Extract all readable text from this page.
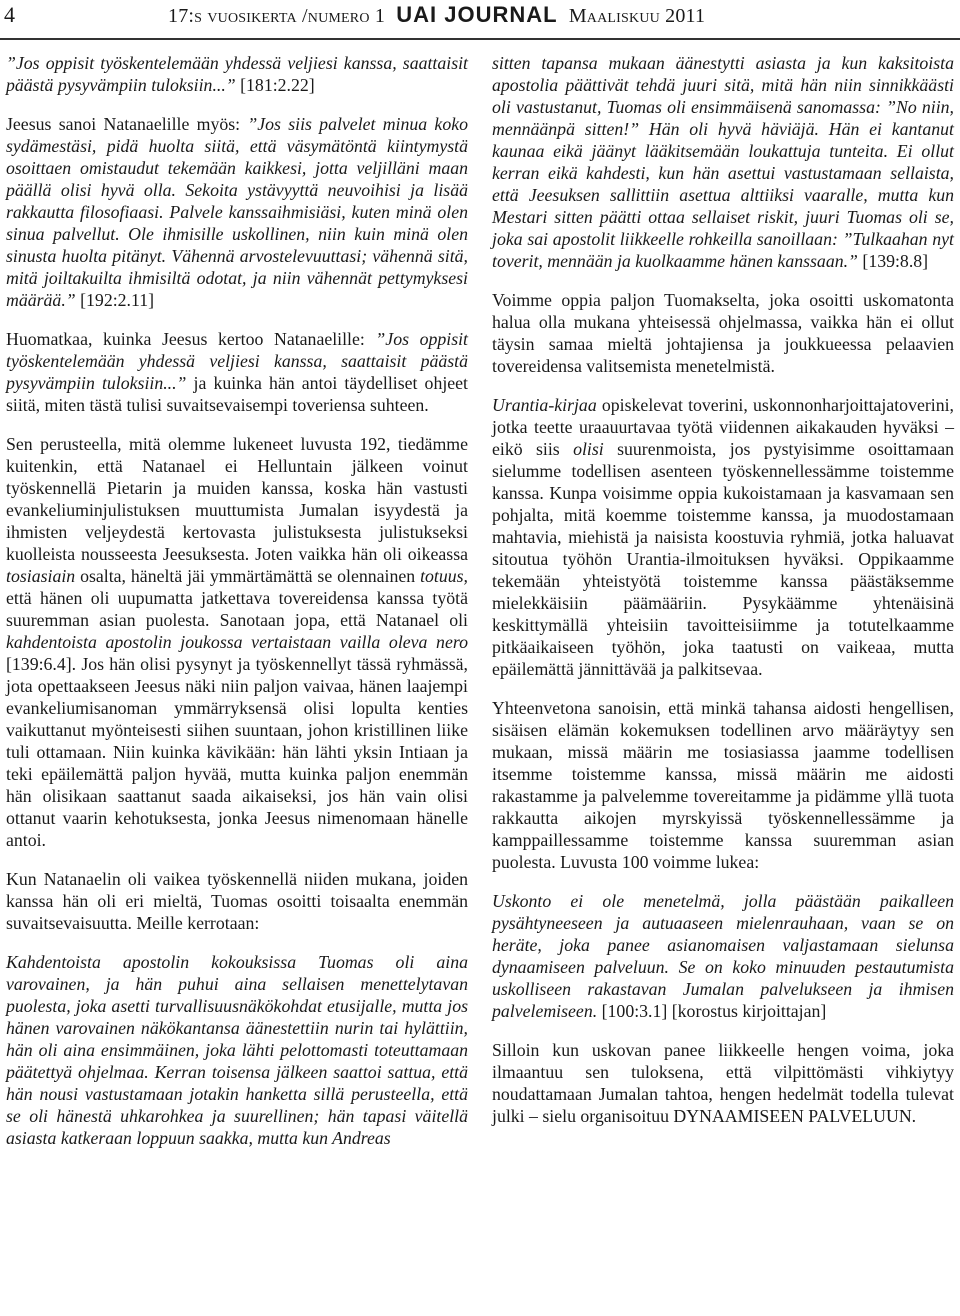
4	17:s vuosikerta /numero 1 UAI JOURNAL Maaliskuu 2011

”Jos oppisit työskentelemään yhdessä veljiesi kanssa, saattaisit päästä pysyvämpiin tuloksiin...” [181:2.22]

Jeesus sanoi Natanaelille myös: ”Jos siis palvelet minua koko sydämestäsi, pidä huolta siitä, että väsymätöntä kiintymystä osoittaen omistaudut tekemään kaikkesi, jotta veljilläni maan päällä olisi hyvä olla. Sekoita ystävyyttä neuvoihisi ja lisää rakkautta filosofiaasi. Palvele kanssaihmisiäsi, kuten minä olen sinua palvellut. Ole ihmisille uskollinen, niin kuin minä olen sinusta huolta pitänyt. Vähennä arvostelevuuttasi; vähennä sitä, mitä joiltakuilta ihmisiltä odotat, ja niin vähennät pettymyksesi määrää.” [192:2.11]

Huomatkaa, kuinka Jeesus kertoo Natanaelille: ”Jos oppisit työskentelemään yhdessä veljiesi kanssa, saattaisit päästä pysyvämpiin tuloksiin...” ja kuinka hän antoi täydelliset ohjeet siitä, miten tästä tulisi suvaitsevaisempi toveriensa suhteen.

Sen perusteella, mitä olemme lukeneet luvusta 192, tiedämme kuitenkin, että Natanael ei Helluntain jälkeen voinut työskennellä Pietarin ja muiden kanssa, koska hän vastusti evankeliuminjulistuksen muuttumista Jumalan isyydestä ja ihmisten veljeydestä kertovasta julistuksesta julistukseksi kuolleista nousseesta Jeesuksesta. Joten vaikka hän oli oikeassa tosiasiain osalta, häneltä jäi ymmärtämättä se olennainen totuus, että hänen oli uupumatta jatkettava tovereidensa kanssa työtä suuremman asian puolesta. Sanotaan jopa, että Natanael oli kahdentoista apostolin joukossa vertaistaan vailla oleva nero [139:6.4]. Jos hän olisi pysynyt ja työskennellyt tässä ryhmässä, jota opettaakseen Jeesus näki niin paljon vaivaa, hänen laajempi evankeliumisanoman ymmärryksensä olisi lopulta kenties vaikuttanut myönteisesti siihen suuntaan, johon kristillinen liike tuli ottamaan. Niin kuinka kävikään: hän lähti yksin Intiaan ja teki epäilemättä paljon hyvää, mutta kuinka paljon enemmän hän olisikaan saattanut saada aikaiseksi, jos hän vain olisi ottanut vaarin kehotuksesta, jonka Jeesus nimenomaan hänelle antoi.

Kun Natanaelin oli vaikea työskennellä niiden mukana, joiden kanssa hän oli eri mieltä, Tuomas osoitti toisaalta enemmän suvaitsevaisuutta. Meille kerrotaan:

Kahdentoista apostolin kokouksissa Tuomas oli aina varovainen, ja hän puhui aina sellaisen menettelytavan puolesta, joka asetti turvallisuusnäkökohdat etusijalle, mutta jos hänen varovainen näkökantansa äänestettiin nurin tai hylättiin, hän oli aina ensimmäinen, joka lähti pelottomasti toteuttamaan päätettyä ohjelmaa. Kerran toisensa jälkeen saattoi sattua, että hän nousi vastustamaan jotakin hanketta sillä perusteella, että se oli hänestä uhkarohkea ja suurellinen; hän tapasi väitellä asiasta katkeraan loppuun saakka, mutta kun Andreas

sitten tapansa mukaan äänestytti asiasta ja kun kaksitoista apostolia päättivät tehdä juuri sitä, mitä hän niin sinnikkäästi oli vastustanut, Tuomas oli ensimmäisenä sanomassa: ”No niin, mennäänpä sitten!” Hän oli hyvä häviäjä. Hän ei kantanut kaunaa eikä jäänyt lääkitsemään loukattuja tunteita. Ei ollut kerran eikä kahdesti, kun hän asettui vastustamaan sellaista, että Jeesuksen sallittiin asettua alttiiksi vaaralle, mutta kun Mestari sitten päätti ottaa sellaiset riskit, juuri Tuomas oli se, joka sai apostolit liikkeelle rohkeilla sanoillaan: ”Tulkaahan nyt toverit, mennään ja kuolkaamme hänen kanssaan.” [139:8.8]

Voimme oppia paljon Tuomakselta, joka osoitti uskomatonta halua olla mukana yhteisessä ohjelmassa, vaikka hän ei ollut täysin samaa mieltä johtajiensa ja joukkueessa pelaavien tovereidensa valitsemista menetelmistä.

Urantia-kirjaa opiskelevat toverini, uskonnonharjoittajatoverini, jotka teette uraauurtavaa työtä viidennen aikakauden hyväksi – eikö siis olisi suurenmoista, jos pystyisimme osoittamaan sielumme todellisen asenteen työskennellessämme toistemme kanssa. Kunpa voisimme oppia kukoistamaan ja kasvamaan sen pohjalta, mitä koemme toistemme kanssa, ja muodostamaan mahtavia, miehistä ja naisista koostuvia ryhmiä, jotka haluavat sitoutua työhön Urantia-ilmoituksen hyväksi. Oppikaamme tekemään yhteistyötä toistemme kanssa päästäksemme mielekkäisiin päämääriin. Pysykäämme yhtenäisinä keskittymällä yhteisiin tavoitteisiimme ja totutelkaamme pitkäaikaiseen työhön, joka taatusti on vaikeaa, mutta epäilemättä jännittävää ja palkitsevaa.

Yhteenvetona sanoisin, että minkä tahansa aidosti hengellisen, sisäisen elämän kokemuksen todellinen arvo määräytyy sen mukaan, missä määrin me tosiasiassa jaamme todellisen itsemme toistemme kanssa, missä määrin me aidosti rakastamme ja palvelemme tovereitamme ja pidämme yllä tuota rakkautta aikojen myrskyissä työskennellessämme ja kamppaillessamme toistemme kanssa suuremman asian puolesta. Luvusta 100 voimme lukea:

Uskonto ei ole menetelmä, jolla päästään paikalleen pysähtyneeseen ja autuaaseen mielenrauhaan, vaan se on heräte, joka panee asianomaisen valjastamaan sielunsa dynaamiseen palveluun. Se on koko minuuden pestautumista uskolliseen rakastavan Jumalan palvelukseen ja ihmisen palvelemiseen. [100:3.1] [korostus kirjoittajan]

Silloin kun uskovan panee liikkeelle hengen voima, joka ilmaantuu sen tuloksena, että vilpittömästi vihkiytyy noudattamaan Jumalan tahtoa, hengen hedelmät todella tulevat julki – sielu organisoituu DYNAAMISEEN PALVELUUN.
